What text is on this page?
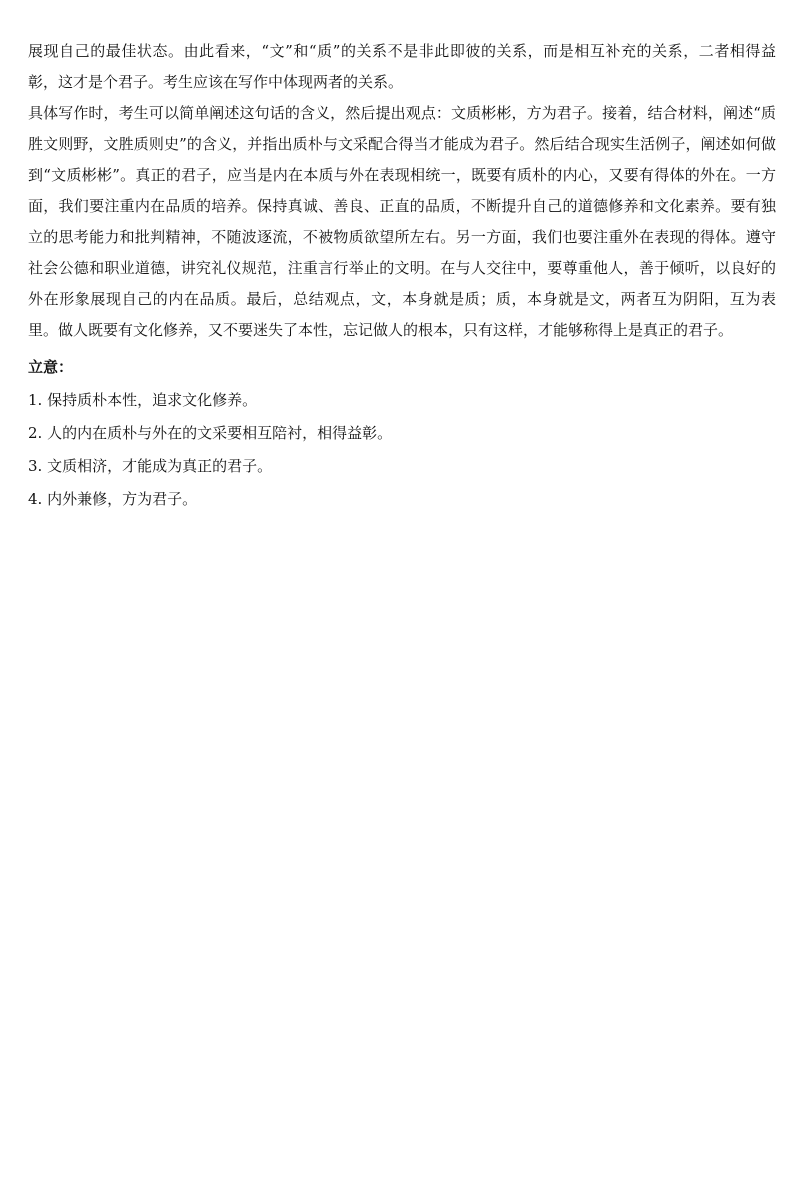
展现自己的最佳状态。由此看来，“文”和“质”的关系不是非此即彼的关系，而是相互补充的关系，二者相得益彰，这才是个君子。考生应该在写作中体现两者的关系。

具体写作时，考生可以简单阐述这句话的含义，然后提出观点：文质彬彬，方为君子。接着，结合材料，阐述“质胜文则野，文胜质则史”的含义，并指出质朴与文采配合得当才能成为君子。然后结合现实生活例子，阐述如何做到“文质彬彬”。真正的君子，应当是内在本质与外在表现相统一，既要有质朴的内心，又要有得体的外在。一方面，我们要注重内在品质的培养。保持真诚、善良、正直的品质，不断提升自己的道德修养和文化素养。要有独立的思考能力和批判精神，不随波逐流，不被物质欲望所左右。另一方面，我们也要注重外在表现的得体。遵守社会公德和职业道德，讲究礼仪规范，注重言行举止的文明。在与人交往中，要尊重他人，善于倾听，以良好的外在形象展现自己的内在品质。最后，总结观点，文，本身就是质；质，本身就是文，两者互为阴阳，互为表里。做人既要有文化修养，又不要迷失了本性，忘记做人的根本，只有这样，才能够称得上是真正的君子。

立意：
1. 保持质朴本性，追求文化修养。
2. 人的内在质朴与外在的文采要相互陪衬，相得益彰。
3. 文质相济，才能成为真正的君子。
4. 内外兼修，方为君子。
